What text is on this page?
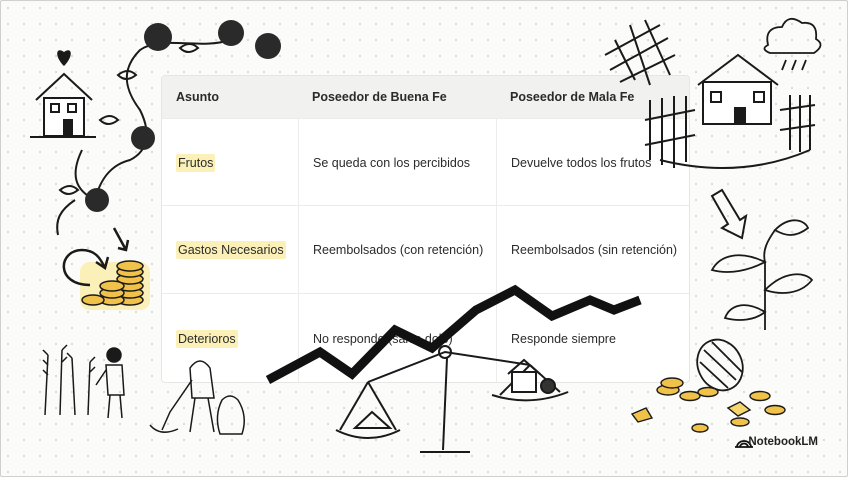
Asunto	Poseedor de Buena Fe	Poseedor de Mala Fe
Frutos	Se queda con los percibidos	Devuelve todos los frutos
Gastos Necesarios	Reembolsados (con retención)	Reembolsados (sin retención)
Deterioros	No responde (salvo dolo)	Responde siempre
NotebookLM
